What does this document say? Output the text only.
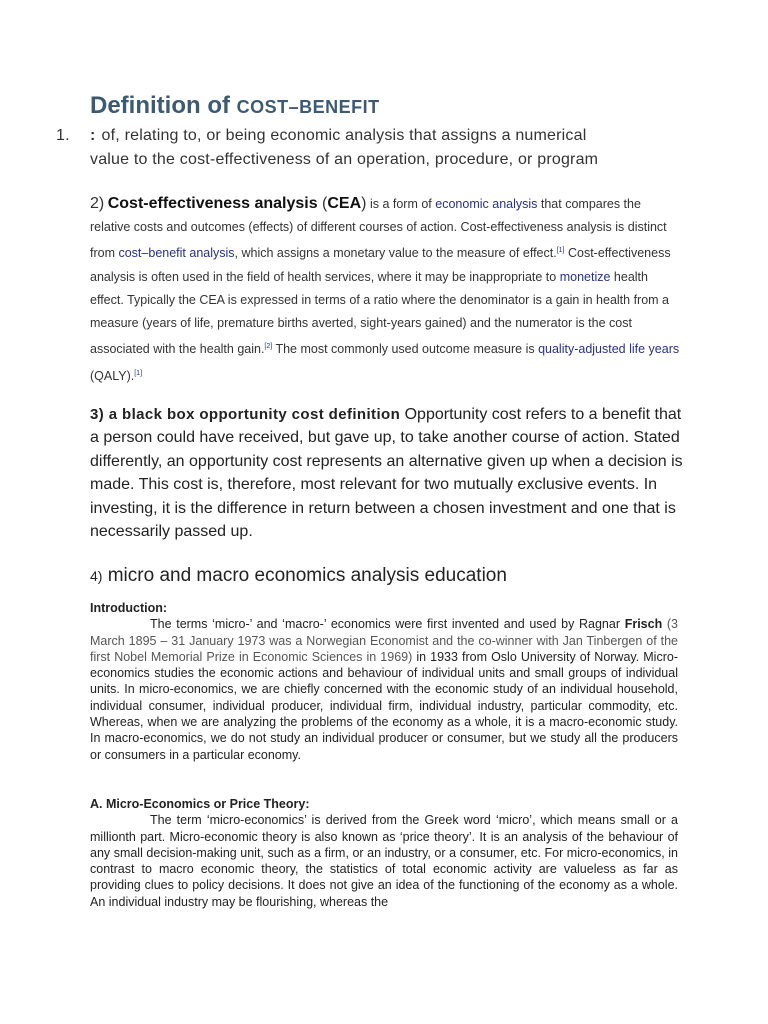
Definition of COST–BENEFIT
1. : of, relating to, or being economic analysis that assigns a numerical
value to the cost-effectiveness of an operation, procedure, or program
2) Cost-effectiveness analysis (CEA) is a form of economic analysis that compares the relative costs and outcomes (effects) of different courses of action. Cost-effectiveness analysis is distinct from cost–benefit analysis, which assigns a monetary value to the measure of effect.[1] Cost-effectiveness analysis is often used in the field of health services, where it may be inappropriate to monetize health effect. Typically the CEA is expressed in terms of a ratio where the denominator is a gain in health from a measure (years of life, premature births averted, sight-years gained) and the numerator is the cost associated with the health gain.[2] The most commonly used outcome measure is quality-adjusted life years (QALY).[1]
3) a black box opportunity cost definition Opportunity cost refers to a benefit that a person could have received, but gave up, to take another course of action. Stated differently, an opportunity cost represents an alternative given up when a decision is made. This cost is, therefore, most relevant for two mutually exclusive events. In investing, it is the difference in return between a chosen investment and one that is necessarily passed up.
4) micro and macro economics analysis education
Introduction:
The terms ‘micro-’ and ‘macro-’ economics were first invented and used by Ragnar Frisch (3 March 1895 – 31 January 1973 was a Norwegian Economist and the co-winner with Jan Tinbergen of the first Nobel Memorial Prize in Economic Sciences in 1969) in 1933 from Oslo University of Norway. Micro-economics studies the economic actions and behaviour of individual units and small groups of individual units. In micro-economics, we are chiefly concerned with the economic study of an individual household, individual consumer, individual producer, individual firm, individual industry, particular commodity, etc. Whereas, when we are analyzing the problems of the economy as a whole, it is a macro-economic study. In macro-economics, we do not study an individual producer or consumer, but we study all the producers or consumers in a particular economy.
A. Micro-Economics or Price Theory:
The term ‘micro-economics’ is derived from the Greek word ‘micro’, which means small or a millionth part. Micro-economic theory is also known as ‘price theory’. It is an analysis of the behaviour of any small decision-making unit, such as a firm, or an industry, or a consumer, etc. For micro-economics, in contrast to macro economic theory, the statistics of total economic activity are valueless as far as providing clues to policy decisions. It does not give an idea of the functioning of the economy as a whole. An individual industry may be flourishing, whereas the
